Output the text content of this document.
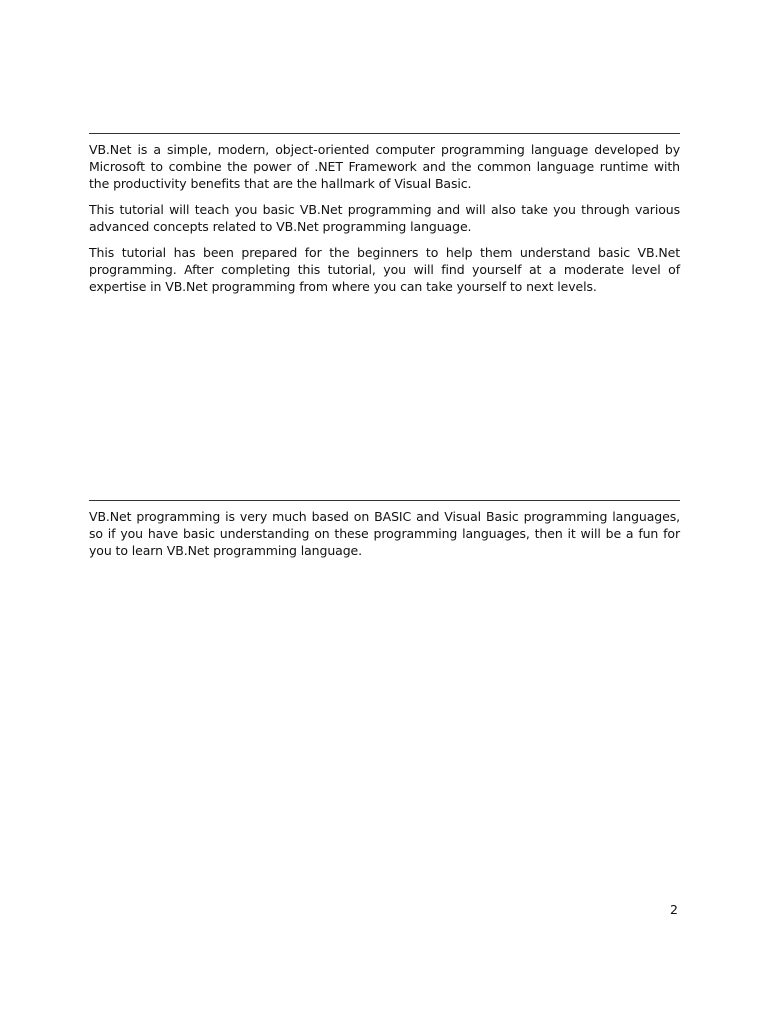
VB.Net is a simple, modern, object-oriented computer programming language developed by Microsoft to combine the power of .NET Framework and the common language runtime with the productivity benefits that are the hallmark of Visual Basic.

This tutorial will teach you basic VB.Net programming and will also take you through various advanced concepts related to VB.Net programming language.

This tutorial has been prepared for the beginners to help them understand basic VB.Net programming. After completing this tutorial, you will find yourself at a moderate level of expertise in VB.Net programming from where you can take yourself to next levels.

VB.Net programming is very much based on BASIC and Visual Basic programming languages, so if you have basic understanding on these programming languages, then it will be a fun for you to learn VB.Net programming language.

2
